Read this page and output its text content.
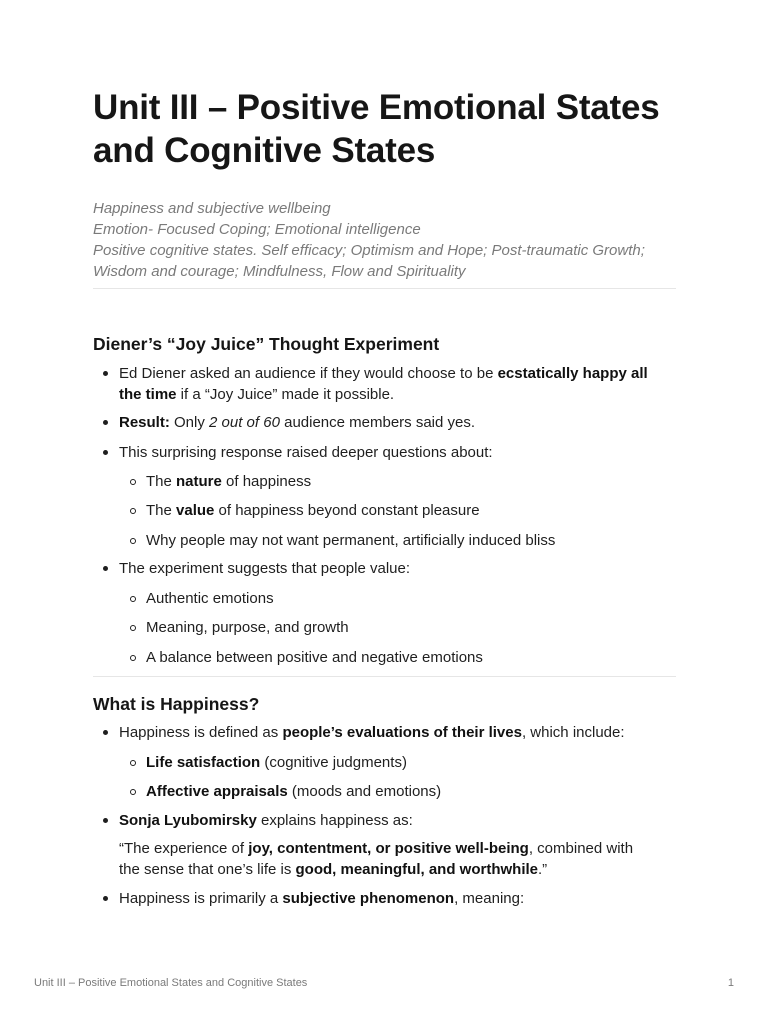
Unit III – Positive Emotional States and Cognitive States
Happiness and subjective wellbeing
Emotion- Focused Coping; Emotional intelligence
Positive cognitive states. Self efficacy; Optimism and Hope; Post-traumatic Growth;
Wisdom and courage; Mindfulness, Flow and Spirituality
Diener’s “Joy Juice” Thought Experiment
Ed Diener asked an audience if they would choose to be ecstatically happy all
the time if a “Joy Juice” made it possible.
Result: Only 2 out of 60 audience members said yes.
This surprising response raised deeper questions about:
The nature of happiness
The value of happiness beyond constant pleasure
Why people may not want permanent, artificially induced bliss
The experiment suggests that people value:
Authentic emotions
Meaning, purpose, and growth
A balance between positive and negative emotions
What is Happiness?
Happiness is defined as people’s evaluations of their lives, which include:
Life satisfaction (cognitive judgments)
Affective appraisals (moods and emotions)
Sonja Lyubomirsky explains happiness as:
“The experience of joy, contentment, or positive well-being, combined with
the sense that one’s life is good, meaningful, and worthwhile.”
Happiness is primarily a subjective phenomenon, meaning:
Unit III – Positive Emotional States and Cognitive States	1
